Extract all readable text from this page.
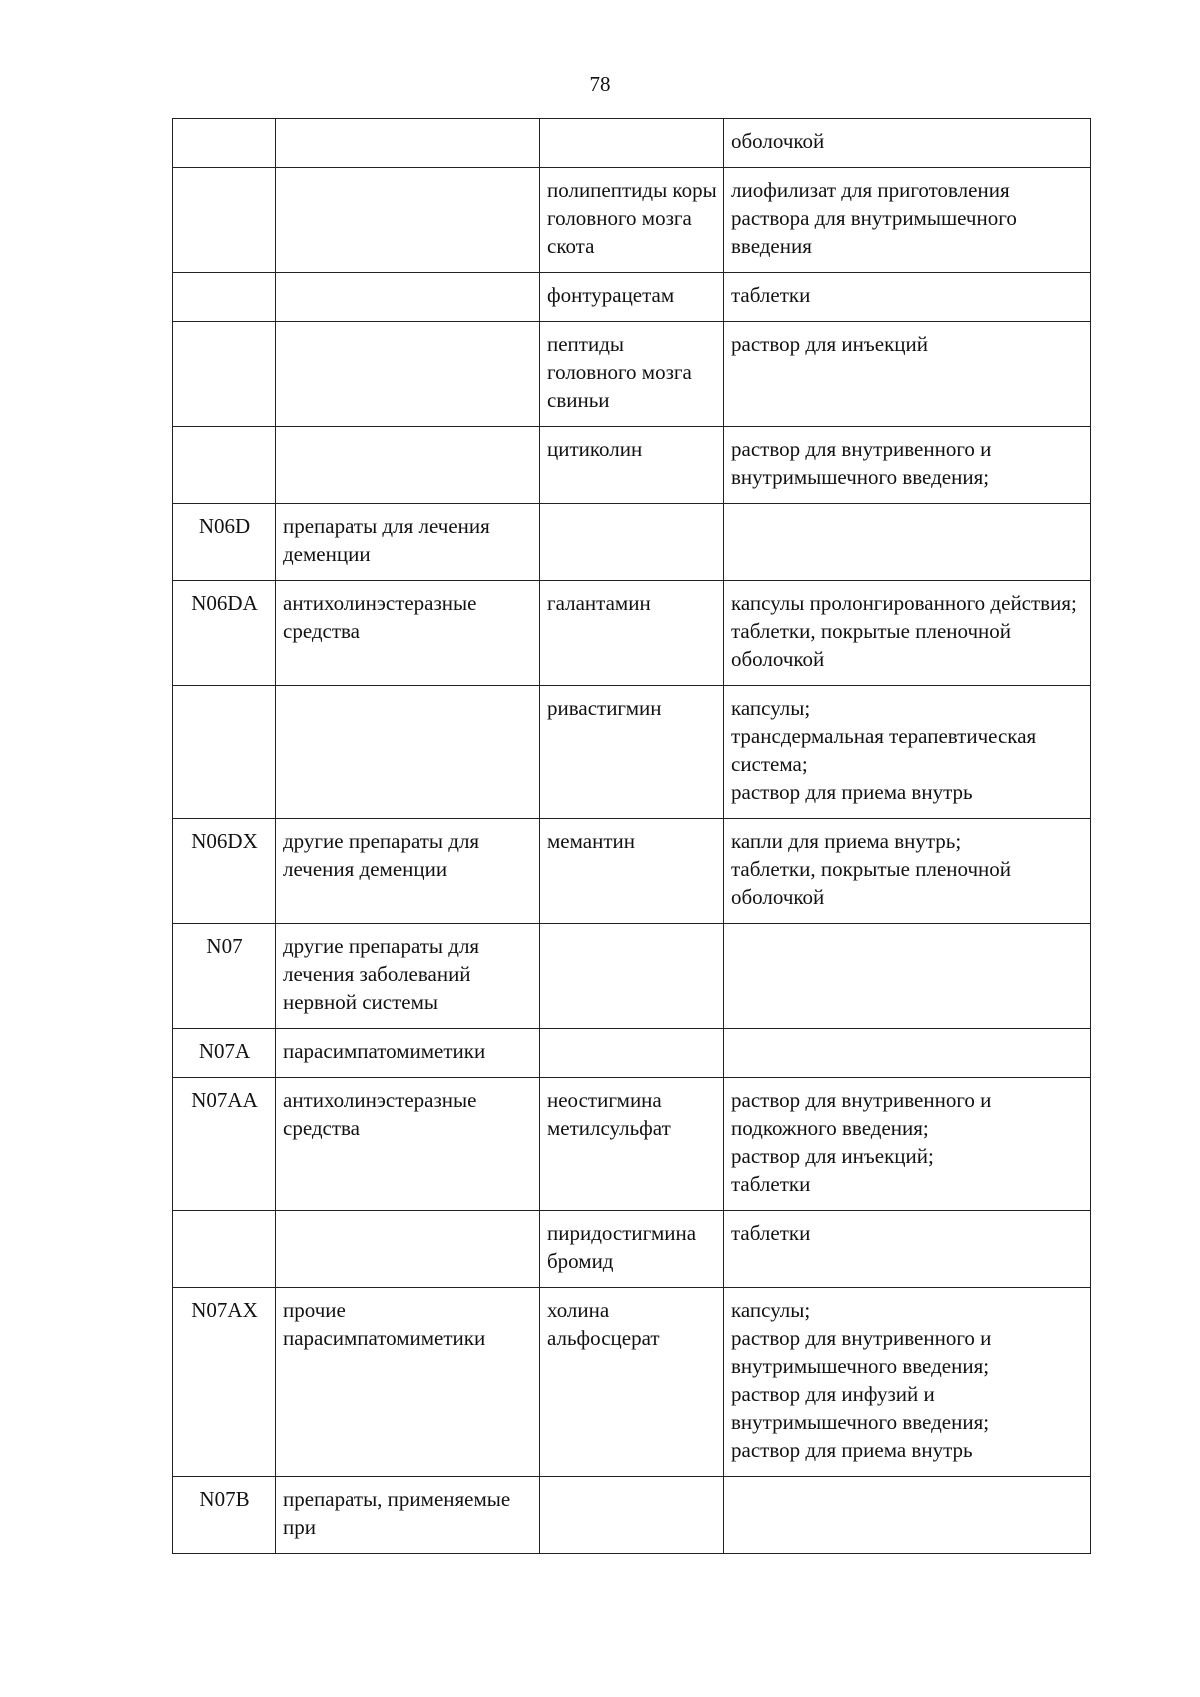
78

			оболочкой

		полипептиды коры головного мозга скота	лиофилизат для приготовления раствора для внутримышечного введения

		фонтурацетам	таблетки

		пептиды головного мозга свиньи	раствор для инъекций

		цитиколин	раствор для внутривенного и внутримышечного введения;

N06D	препараты для лечения деменции		
N06DA	антихолинэстеразные средства	галантамин	капсулы пролонгированного действия;
таблетки, покрытые пленочной оболочкой

		ривастигмин	капсулы;
трансдермальная терапевтическая система;
раствор для приема внутрь

N06DX	другие препараты для лечения деменции	мемантин	капли для приема внутрь;
таблетки, покрытые пленочной оболочкой

N07	другие препараты для лечения заболеваний нервной системы		
N07A	парасимпатомиметики		
N07AA	антихолинэстеразные средства	неостигмина метилсульфат	раствор для внутривенного и подкожного введения;
раствор для инъекций;
таблетки

		пиридостигмина бромид	таблетки

N07AX	прочие парасимпатомиметики	холина альфосцерат	капсулы;
раствор для внутривенного и внутримышечного введения;
раствор для инфузий и внутримышечного введения;
раствор для приема внутрь

N07B	препараты, применяемые при		
